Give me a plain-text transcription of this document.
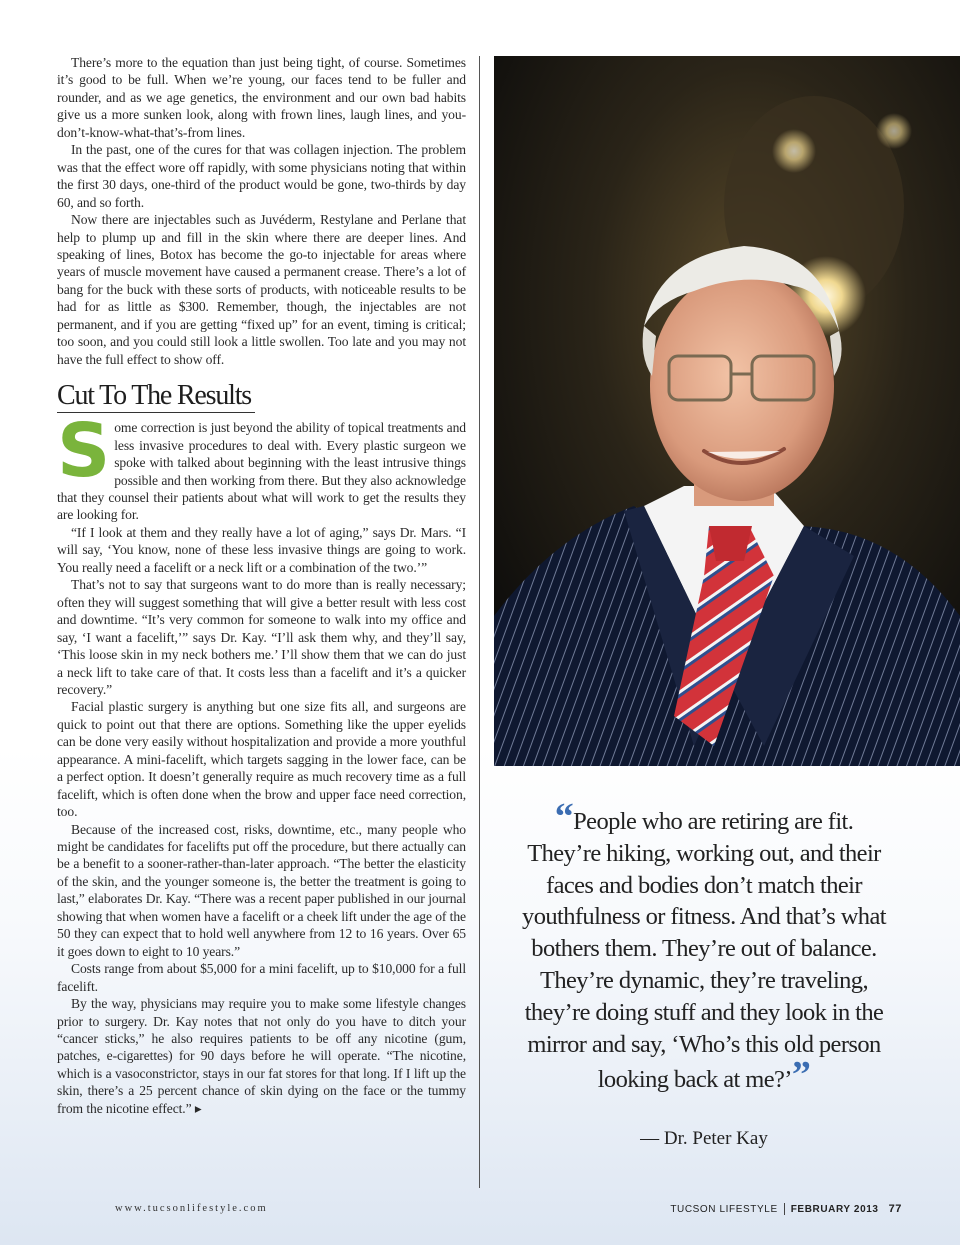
There’s more to the equation than just being tight, of course. Sometimes it’s good to be full. When we’re young, our faces tend to be fuller and rounder, and as we age genetics, the environment and our own bad habits give us a more sunken look, along with frown lines, laugh lines, and you-don’t-know-what-that’s-from lines.

In the past, one of the cures for that was collagen injection. The problem was that the effect wore off rapidly, with some physicians noting that within the first 30 days, one-third of the product would be gone, two-thirds by day 60, and so forth.

Now there are injectables such as Juvéderm, Restylane and Perlane that help to plump up and fill in the skin where there are deeper lines. And speaking of lines, Botox has become the go-to injectable for areas where years of muscle movement have caused a permanent crease. There’s a lot of bang for the buck with these sorts of products, with noticeable results to be had for as little as $300. Remember, though, the injectables are not permanent, and if you are getting “fixed up” for an event, timing is critical; too soon, and you could still look a little swollen. Too late and you may not have the full effect to show off.

Cut To The Results

Some correction is just beyond the ability of topical treatments and less invasive procedures to deal with. Every plastic surgeon we spoke with talked about beginning with the least intrusive things possible and then working from there. But they also acknowledge that they counsel their patients about what will work to get the results they are looking for.

“If I look at them and they really have a lot of aging,” says Dr. Mars. “I will say, ‘You know, none of these less invasive things are going to work. You really need a facelift or a neck lift or a combination of the two.’”

That’s not to say that surgeons want to do more than is really necessary; often they will suggest something that will give a better result with less cost and downtime. “It’s very common for someone to walk into my office and say, ‘I want a facelift,’” says Dr. Kay. “I’ll ask them why, and they’ll say, ‘This loose skin in my neck bothers me.’ I’ll show them that we can do just a neck lift to take care of that. It costs less than a facelift and it’s a quicker recovery.”

Facial plastic surgery is anything but one size fits all, and surgeons are quick to point out that there are options. Something like the upper eyelids can be done very easily without hospitalization and provide a more youthful appearance. A mini-facelift, which targets sagging in the lower face, can be a perfect option. It doesn’t generally require as much recovery time as a full facelift, which is often done when the brow and upper face need correction, too.

Because of the increased cost, risks, downtime, etc., many people who might be candidates for facelifts put off the procedure, but there actually can be a benefit to a sooner-rather-than-later approach. “The better the elasticity of the skin, and the younger someone is, the better the treatment is going to last,” elaborates Dr. Kay. “There was a recent paper published in our journal showing that when women have a facelift or a cheek lift under the age of the 50 they can expect that to hold well anywhere from 12 to 16 years. Over 65 it goes down to eight to 10 years.”

Costs range from about $5,000 for a mini facelift, up to $10,000 for a full facelift.

By the way, physicians may require you to make some lifestyle changes prior to surgery. Dr. Kay notes that not only do you have to ditch your “cancer sticks,” he also requires patients to be off any nicotine (gum, patches, e-cigarettes) for 90 days before he will operate. “The nicotine, which is a vasoconstrictor, stays in our fat stores for that long. If I lift up the skin, there’s a 25 percent chance of skin dying on the face or the tummy from the nicotine effect.” ▸

“People who are retiring are fit. They’re hiking, working out, and their faces and bodies don’t match their youthfulness or fitness. And that’s what bothers them. They’re out of balance. They’re dynamic, they’re traveling, they’re doing stuff and they look in the mirror and say, ‘Who’s this old person looking back at me?’”
— Dr. Peter Kay
www.tucsonlifestyle.com	TUCSON LIFESTYLE FEBRUARY 2013 77
